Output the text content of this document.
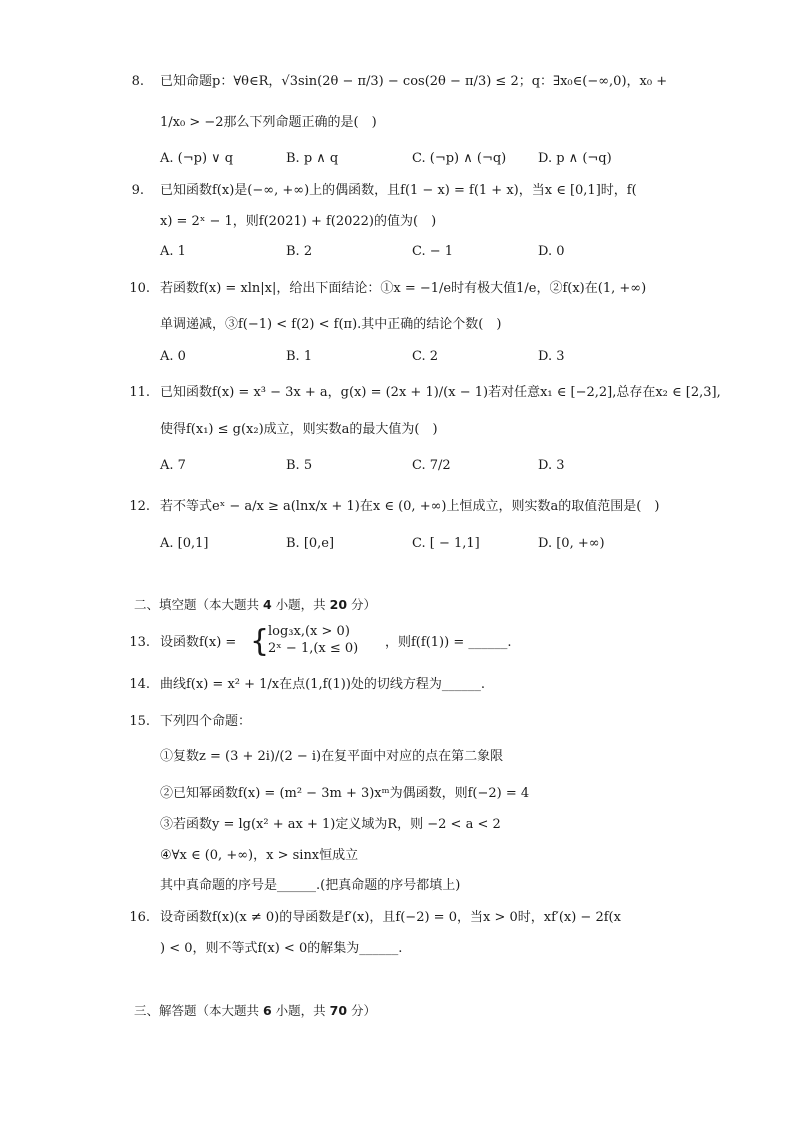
8. 已知命题p：∀θ∈R，√3sin(2θ − π/3) − cos(2θ − π/3) ≤ 2；q：∃x₀∈(−∞,0)，x₀ +
1/x₀ > −2那么下列命题正确的是(　)
A. (¬p) ∨ q	B. p ∧ q	C. (¬p) ∧ (¬q) D. p ∧ (¬q)
9. 已知函数f(x)是(−∞, +∞)上的偶函数，且f(1 − x) = f(1 + x)，当x ∈ [0,1]时，f(
x) = 2ˣ − 1，则f(2021) + f(2022)的值为(　)
A. 1	B. 2	C. − 1	D. 0
10. 若函数f(x) = xln|x|，给出下面结论：①x = −1/e时有极大值1/e，②f(x)在(1, +∞)
单调递减，③f(−1) < f(2) < f(π).其中正确的结论个数(　)
A. 0	B. 1	C. 2	D. 3
11. 已知函数f(x) = x³ − 3x + a，g(x) = (2x + 1)/(x − 1)若对任意x₁ ∈ [−2,2],总存在x₂ ∈ [2,3],
使得f(x₁) ≤ g(x₂)成立，则实数a的最大值为(　)
A. 7	B. 5	C. 7/2	D. 3
12. 若不等式eˣ − a/x ≥ a(lnx/x + 1)在x ∈ (0, +∞)上恒成立，则实数a的取值范围是(　)
A. [0,1]	B. [0,e]	C. [ − 1,1]	D. [0, +∞)
二、填空题（本大题共 4 小题，共 20 分）
13. 设函数f(x) = {
log₃x,(x > 0)
2ˣ − 1,(x ≤ 0) ，则f(f(1)) = ______.
14. 曲线f(x) = x² + 1/x在点(1,f(1))处的切线方程为______.
15. 下列四个命题：
①复数z = (3 + 2i)/(2 − i)在复平面中对应的点在第二象限
②已知幂函数f(x) = (m² − 3m + 3)xᵐ为偶函数，则f(−2) = 4
③若函数y = lg(x² + ax + 1)定义域为R，则 −2 < a < 2
④∀x ∈ (0, +∞)，x > sinx恒成立
其中真命题的序号是______.(把真命题的序号都填上)
16. 设奇函数f(x)(x ≠ 0)的导函数是f′(x)，且f(−2) = 0，当x > 0时，xf′(x) − 2f(x
) < 0，则不等式f(x) < 0的解集为______.
三、解答题（本大题共 6 小题，共 70 分）
